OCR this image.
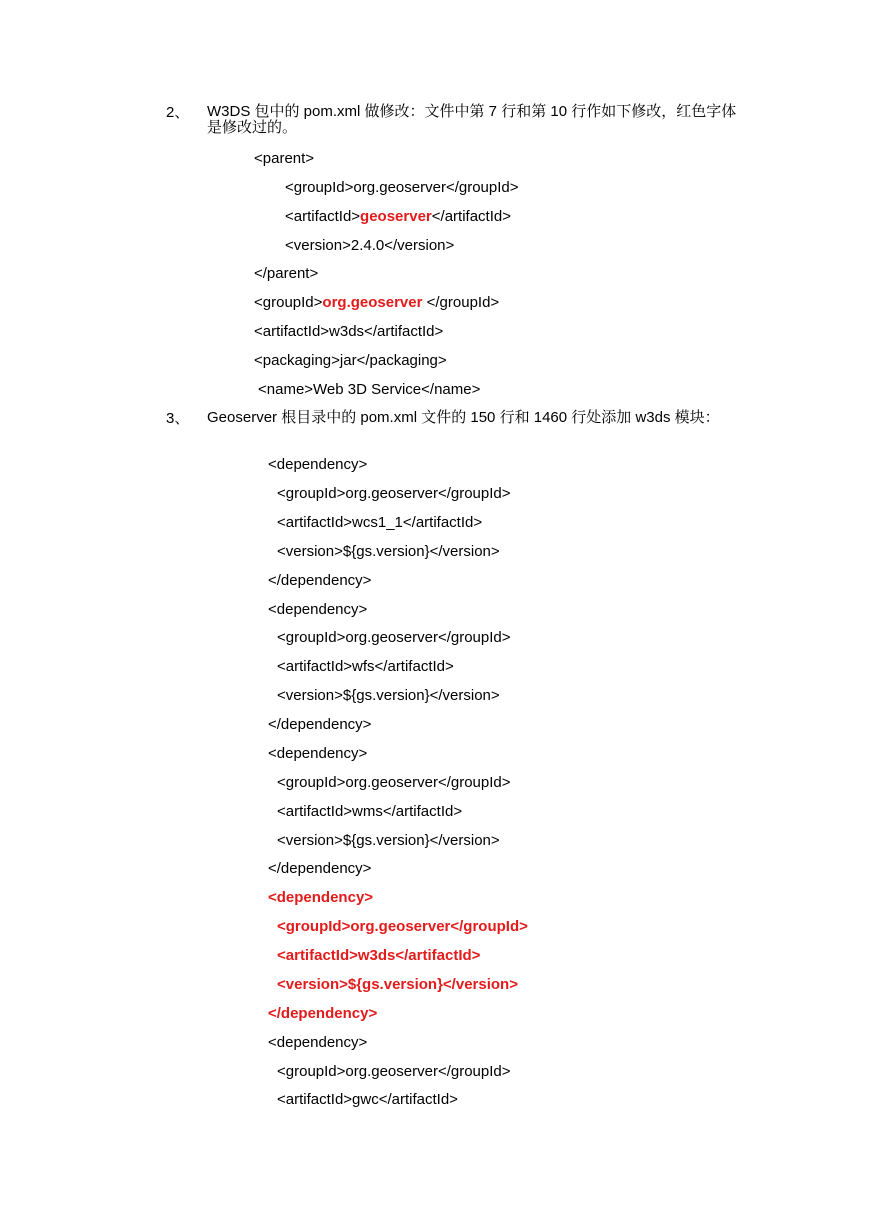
2、 W3DS 包中的 pom.xml 做修改：文件中第 7 行和第 10 行作如下修改，红色字体是修改过的。
<parent>
<groupId>org.geoserver</groupId>
<artifactId>geoserver</artifactId>
<version>2.4.0</version>
</parent>
<groupId>org.geoserver </groupId>
<artifactId>w3ds</artifactId>
<packaging>jar</packaging>
<name>Web 3D Service</name>
3、 Geoserver 根目录中的 pom.xml 文件的 150 行和 1460 行处添加 w3ds 模块：
<dependency>
<groupId>org.geoserver</groupId>
<artifactId>wcs1_1</artifactId>
<version>${gs.version}</version>
</dependency>
<dependency>
<groupId>org.geoserver</groupId>
<artifactId>wfs</artifactId>
<version>${gs.version}</version>
</dependency>
<dependency>
<groupId>org.geoserver</groupId>
<artifactId>wms</artifactId>
<version>${gs.version}</version>
</dependency>
<dependency>
<groupId>org.geoserver</groupId>
<artifactId>w3ds</artifactId>
<version>${gs.version}</version>
</dependency>
<dependency>
<groupId>org.geoserver</groupId>
<artifactId>gwc</artifactId>
